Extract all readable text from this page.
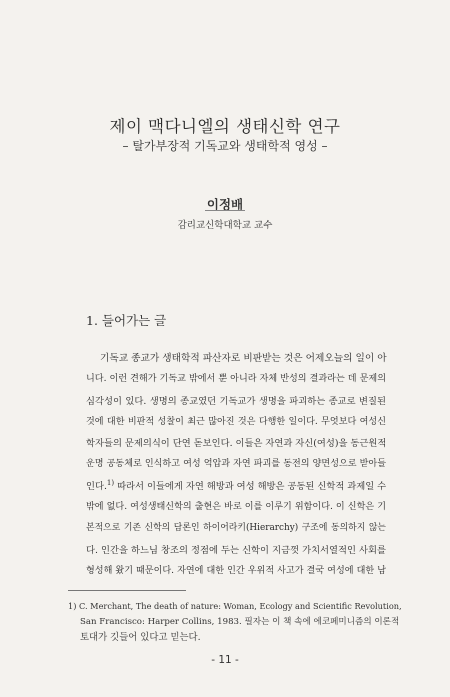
제이 맥다니엘의 생태신학 연구
– 탈가부장적 기독교와 생태학적 영성 –
이정배
감리교신학대학교 교수
1. 들어가는 글
기독교 종교가 생태학적 파산자로 비판받는 것은 어제오늘의 일이 아
니다. 이런 견해가 기독교 밖에서 뿐 아니라 자체 반성의 결과라는 데 문제의
심각성이 있다. 생명의 종교였던 기독교가 생명을 파괴하는 종교로 변질된
것에 대한 비판적 성찰이 최근 많아진 것은 다행한 일이다. 무엇보다 여성신
학자들의 문제의식이 단연 돋보인다. 이들은 자연과 자신(여성)을 동근원적
운명 공동체로 인식하고 여성 억압과 자연 파괴를 동전의 양면성으로 받아들
인다.$^{1)}$ 따라서 이들에게 자연 해방과 여성 해방은 공동된 신학적 과제일 수
밖에 없다. 여성생태신학의 출현은 바로 이를 이루기 위함이다. 이 신학은 기
본적으로 기존 신학의 담론인 하이어라키(Hierarchy) 구조에 동의하지 않는
다. 인간을 하느님 창조의 정점에 두는 신학이 지금껏 가치서열적인 사회를
형성해 왔기 때문이다. 자연에 대한 인간 우위적 사고가 결국 여성에 대한 남
1) C. Merchant, The death of nature: Woman, Ecology and Scientific Revolution,
San Francisco: Harper Collins, 1983. 필자는 이 책 속에 에코페미니즘의 이론적
토대가 깃들어 있다고 믿는다.
- 11 -
